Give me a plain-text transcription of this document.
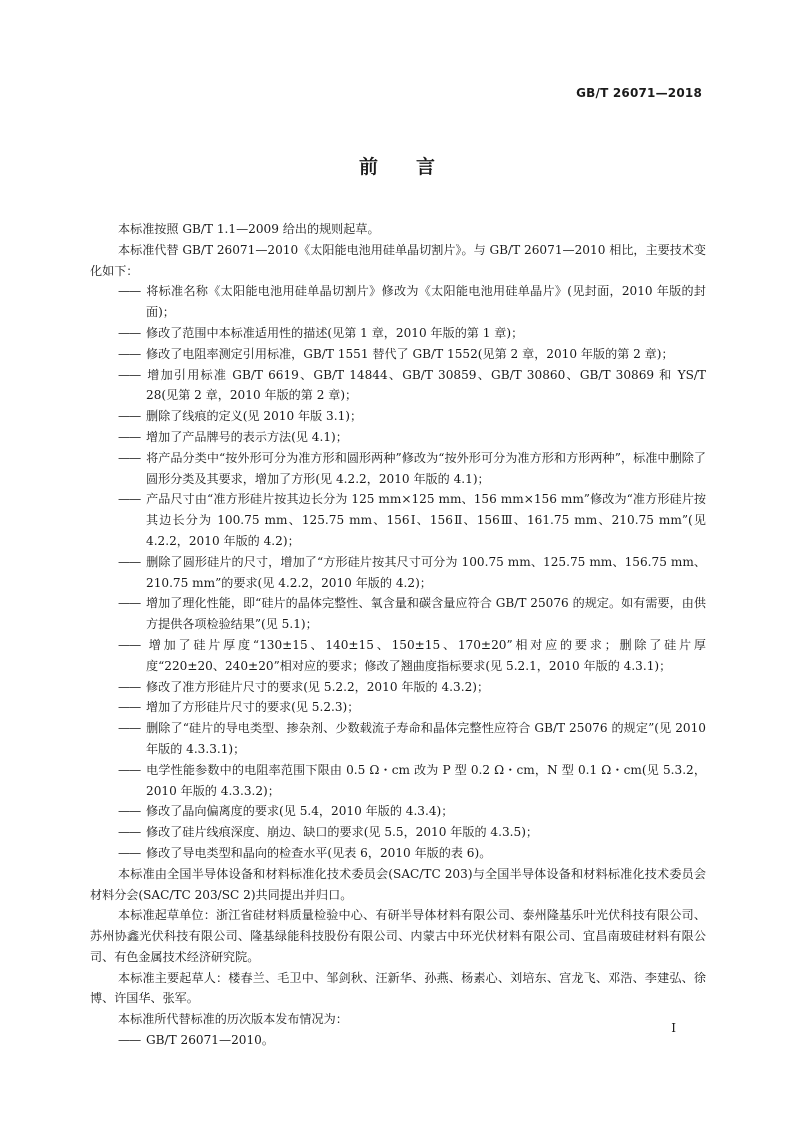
GB/T 26071—2018
前　　言

本标准按照 GB/T 1.1—2009 给出的规则起草。

本标准代替 GB/T 26071—2010《太阳能电池用硅单晶切割片》。与 GB/T 26071—2010 相比，主要技术变化如下：

—— 将标准名称《太阳能电池用硅单晶切割片》修改为《太阳能电池用硅单晶片》(见封面，2010 年版的封面)；
—— 修改了范围中本标准适用性的描述(见第 1 章，2010 年版的第 1 章)；
—— 修改了电阻率测定引用标准，GB/T 1551 替代了 GB/T 1552(见第 2 章，2010 年版的第 2 章)；
—— 增加引用标准 GB/T 6619、GB/T 14844、GB/T 30859、GB/T 30860、GB/T 30869 和 YS/T 28(见第 2 章，2010 年版的第 2 章)；
—— 删除了线痕的定义(见 2010 年版 3.1)；
—— 增加了产品牌号的表示方法(见 4.1)；
—— 将产品分类中“按外形可分为准方形和圆形两种”修改为“按外形可分为准方形和方形两种”，标准中删除了圆形分类及其要求，增加了方形(见 4.2.2，2010 年版的 4.1)；
—— 产品尺寸由“准方形硅片按其边长分为 125 mm×125 mm、156 mm×156 mm”修改为“准方形硅片按其边长分为 100.75 mm、125.75 mm、156Ⅰ、156Ⅱ、156Ⅲ、161.75 mm、210.75 mm”(见 4.2.2，2010 年版的 4.2)；
—— 删除了圆形硅片的尺寸，增加了“方形硅片按其尺寸可分为 100.75 mm、125.75 mm、156.75 mm、210.75 mm”的要求(见 4.2.2，2010 年版的 4.2)；
—— 增加了理化性能，即“硅片的晶体完整性、氧含量和碳含量应符合 GB/T 25076 的规定。如有需要，由供方提供各项检验结果”(见 5.1)；
—— 增加了硅片厚度“130±15、140±15、150±15、170±20”相对应的要求；删除了硅片厚度“220±20、240±20”相对应的要求；修改了翘曲度指标要求(见 5.2.1，2010 年版的 4.3.1)；
—— 修改了准方形硅片尺寸的要求(见 5.2.2，2010 年版的 4.3.2)；
—— 增加了方形硅片尺寸的要求(见 5.2.3)；
—— 删除了“硅片的导电类型、掺杂剂、少数载流子寿命和晶体完整性应符合 GB/T 25076 的规定”(见 2010 年版的 4.3.3.1)；
—— 电学性能参数中的电阻率范围下限由 0.5 Ω・cm 改为 P 型 0.2 Ω・cm，N 型 0.1 Ω・cm(见 5.3.2，2010 年版的 4.3.3.2)；
—— 修改了晶向偏离度的要求(见 5.4，2010 年版的 4.3.4)；
—— 修改了硅片线痕深度、崩边、缺口的要求(见 5.5，2010 年版的 4.3.5)；
—— 修改了导电类型和晶向的检查水平(见表 6，2010 年版的表 6)。

本标准由全国半导体设备和材料标准化技术委员会(SAC/TC 203)与全国半导体设备和材料标准化技术委员会材料分会(SAC/TC 203/SC 2)共同提出并归口。

本标准起草单位：浙江省硅材料质量检验中心、有研半导体材料有限公司、泰州隆基乐叶光伏科技有限公司、苏州协鑫光伏科技有限公司、隆基绿能科技股份有限公司、内蒙古中环光伏材料有限公司、宜昌南玻硅材料有限公司、有色金属技术经济研究院。

本标准主要起草人：楼春兰、毛卫中、邹剑秋、汪新华、孙燕、杨素心、刘培东、宫龙飞、邓浩、李建弘、徐博、许国华、张军。

本标准所代替标准的历次版本发布情况为：

—— GB/T 26071—2010。
Ⅰ
